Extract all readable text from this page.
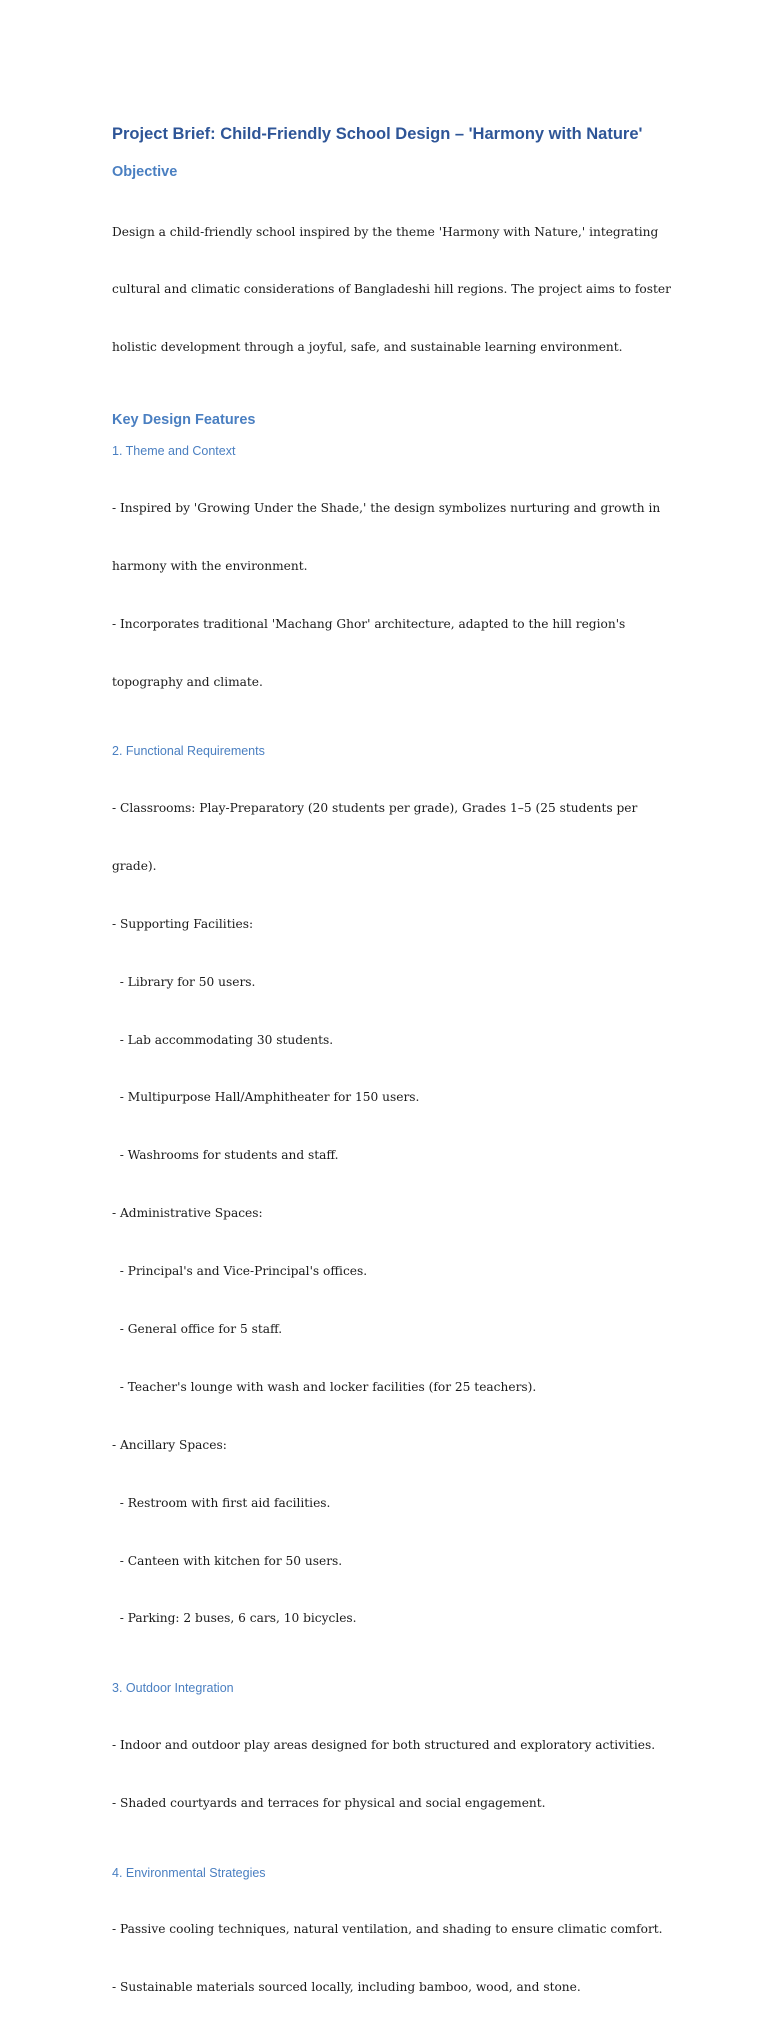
Project Brief: Child-Friendly School Design – 'Harmony with Nature'
Objective

Design a child-friendly school inspired by the theme 'Harmony with Nature,' integrating

cultural and climatic considerations of Bangladeshi hill regions. The project aims to foster

holistic development through a joyful, safe, and sustainable learning environment.

Key Design Features
1. Theme and Context

- Inspired by 'Growing Under the Shade,' the design symbolizes nurturing and growth in

harmony with the environment.

- Incorporates traditional 'Machang Ghor' architecture, adapted to the hill region's

topography and climate.

2. Functional Requirements

- Classrooms: Play-Preparatory (20 students per grade), Grades 1–5 (25 students per

grade).

- Supporting Facilities:

- Library for 50 users.

- Lab accommodating 30 students.

- Multipurpose Hall/Amphitheater for 150 users.

- Washrooms for students and staff.

- Administrative Spaces:

- Principal's and Vice-Principal's offices.

- General office for 5 staff.

- Teacher's lounge with wash and locker facilities (for 25 teachers).

- Ancillary Spaces:

- Restroom with first aid facilities.

- Canteen with kitchen for 50 users.

- Parking: 2 buses, 6 cars, 10 bicycles.

3. Outdoor Integration

- Indoor and outdoor play areas designed for both structured and exploratory activities.

- Shaded courtyards and terraces for physical and social engagement.

4. Environmental Strategies

- Passive cooling techniques, natural ventilation, and shading to ensure climatic comfort.

- Sustainable materials sourced locally, including bamboo, wood, and stone.
